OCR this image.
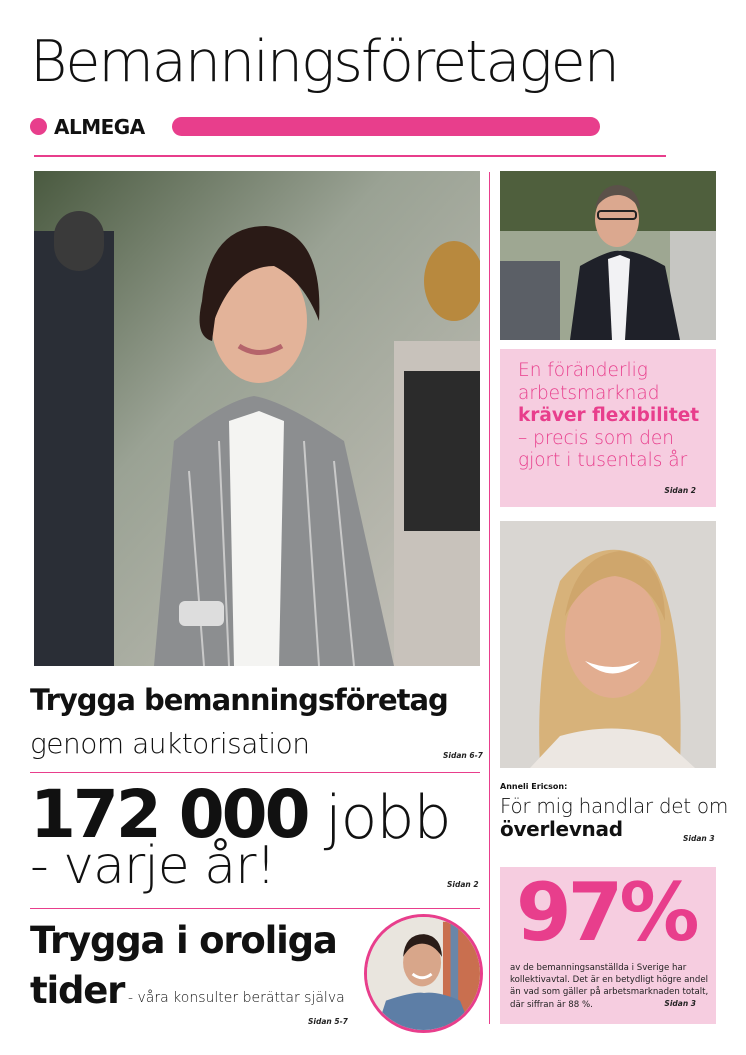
Bemanningsföretagen
ALMEGA
En föränderlig arbetsmarknad kräver flexibilitet – precis som den gjort i tusentals år
Sidan 2
Anneli Ericson:
För mig handlar det om överlevnad	Sidan 3
97%
av de bemanningsanställda i Sverige har kollektivavtal. Det är en betydligt högre andel än vad som gäller på arbetsmarknaden totalt, där siffran är 88 %.	Sidan 3
Trygga bemanningsföretag
genom auktorisation	Sidan 6-7
172 000 jobb
- varje år!	Sidan 2
Trygga i oroliga
tider - våra konsulter berättar själva
Sidan 5-7
